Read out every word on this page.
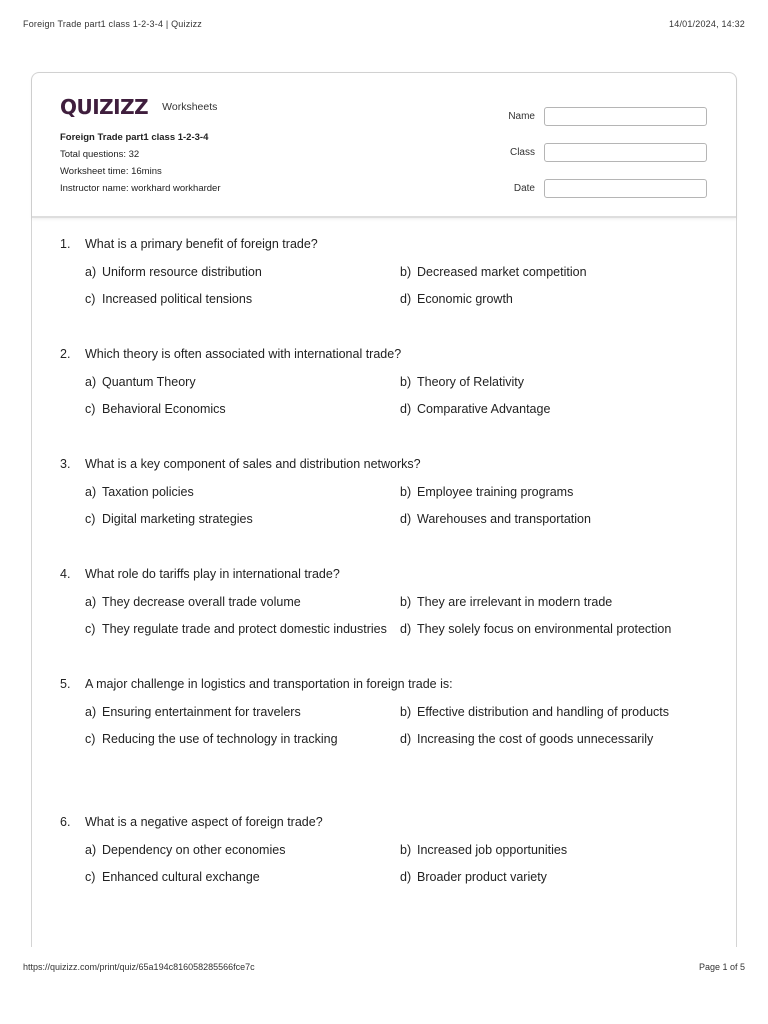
Foreign Trade part1 class 1-2-3-4 | Quizizz	14/01/2024, 14:32
QUIZIZZ Worksheets
Foreign Trade part1 class 1-2-3-4
Total questions: 32
Worksheet time: 16mins
Instructor name: workhard workharder
Name
Class
Date
1.	What is a primary benefit of foreign trade?
a) Uniform resource distribution	b) Decreased market competition
c) Increased political tensions	d) Economic growth
2.	Which theory is often associated with international trade?
a) Quantum Theory	b) Theory of Relativity
c) Behavioral Economics	d) Comparative Advantage
3.	What is a key component of sales and distribution networks?
a) Taxation policies	b) Employee training programs
c) Digital marketing strategies	d) Warehouses and transportation
4.	What role do tariffs play in international trade?
a) They decrease overall trade volume	b) They are irrelevant in modern trade
c) They regulate trade and protect domestic industries d) They solely focus on environmental protection
5.	A major challenge in logistics and transportation in foreign trade is:
a) Ensuring entertainment for travelers	b) Effective distribution and handling of products
c) Reducing the use of technology in tracking	d) Increasing the cost of goods unnecessarily
6.	What is a negative aspect of foreign trade?
a) Dependency on other economies	b) Increased job opportunities
c) Enhanced cultural exchange	d) Broader product variety
https://quizizz.com/print/quiz/65a194c816058285566fce7c	Page 1 of 5
